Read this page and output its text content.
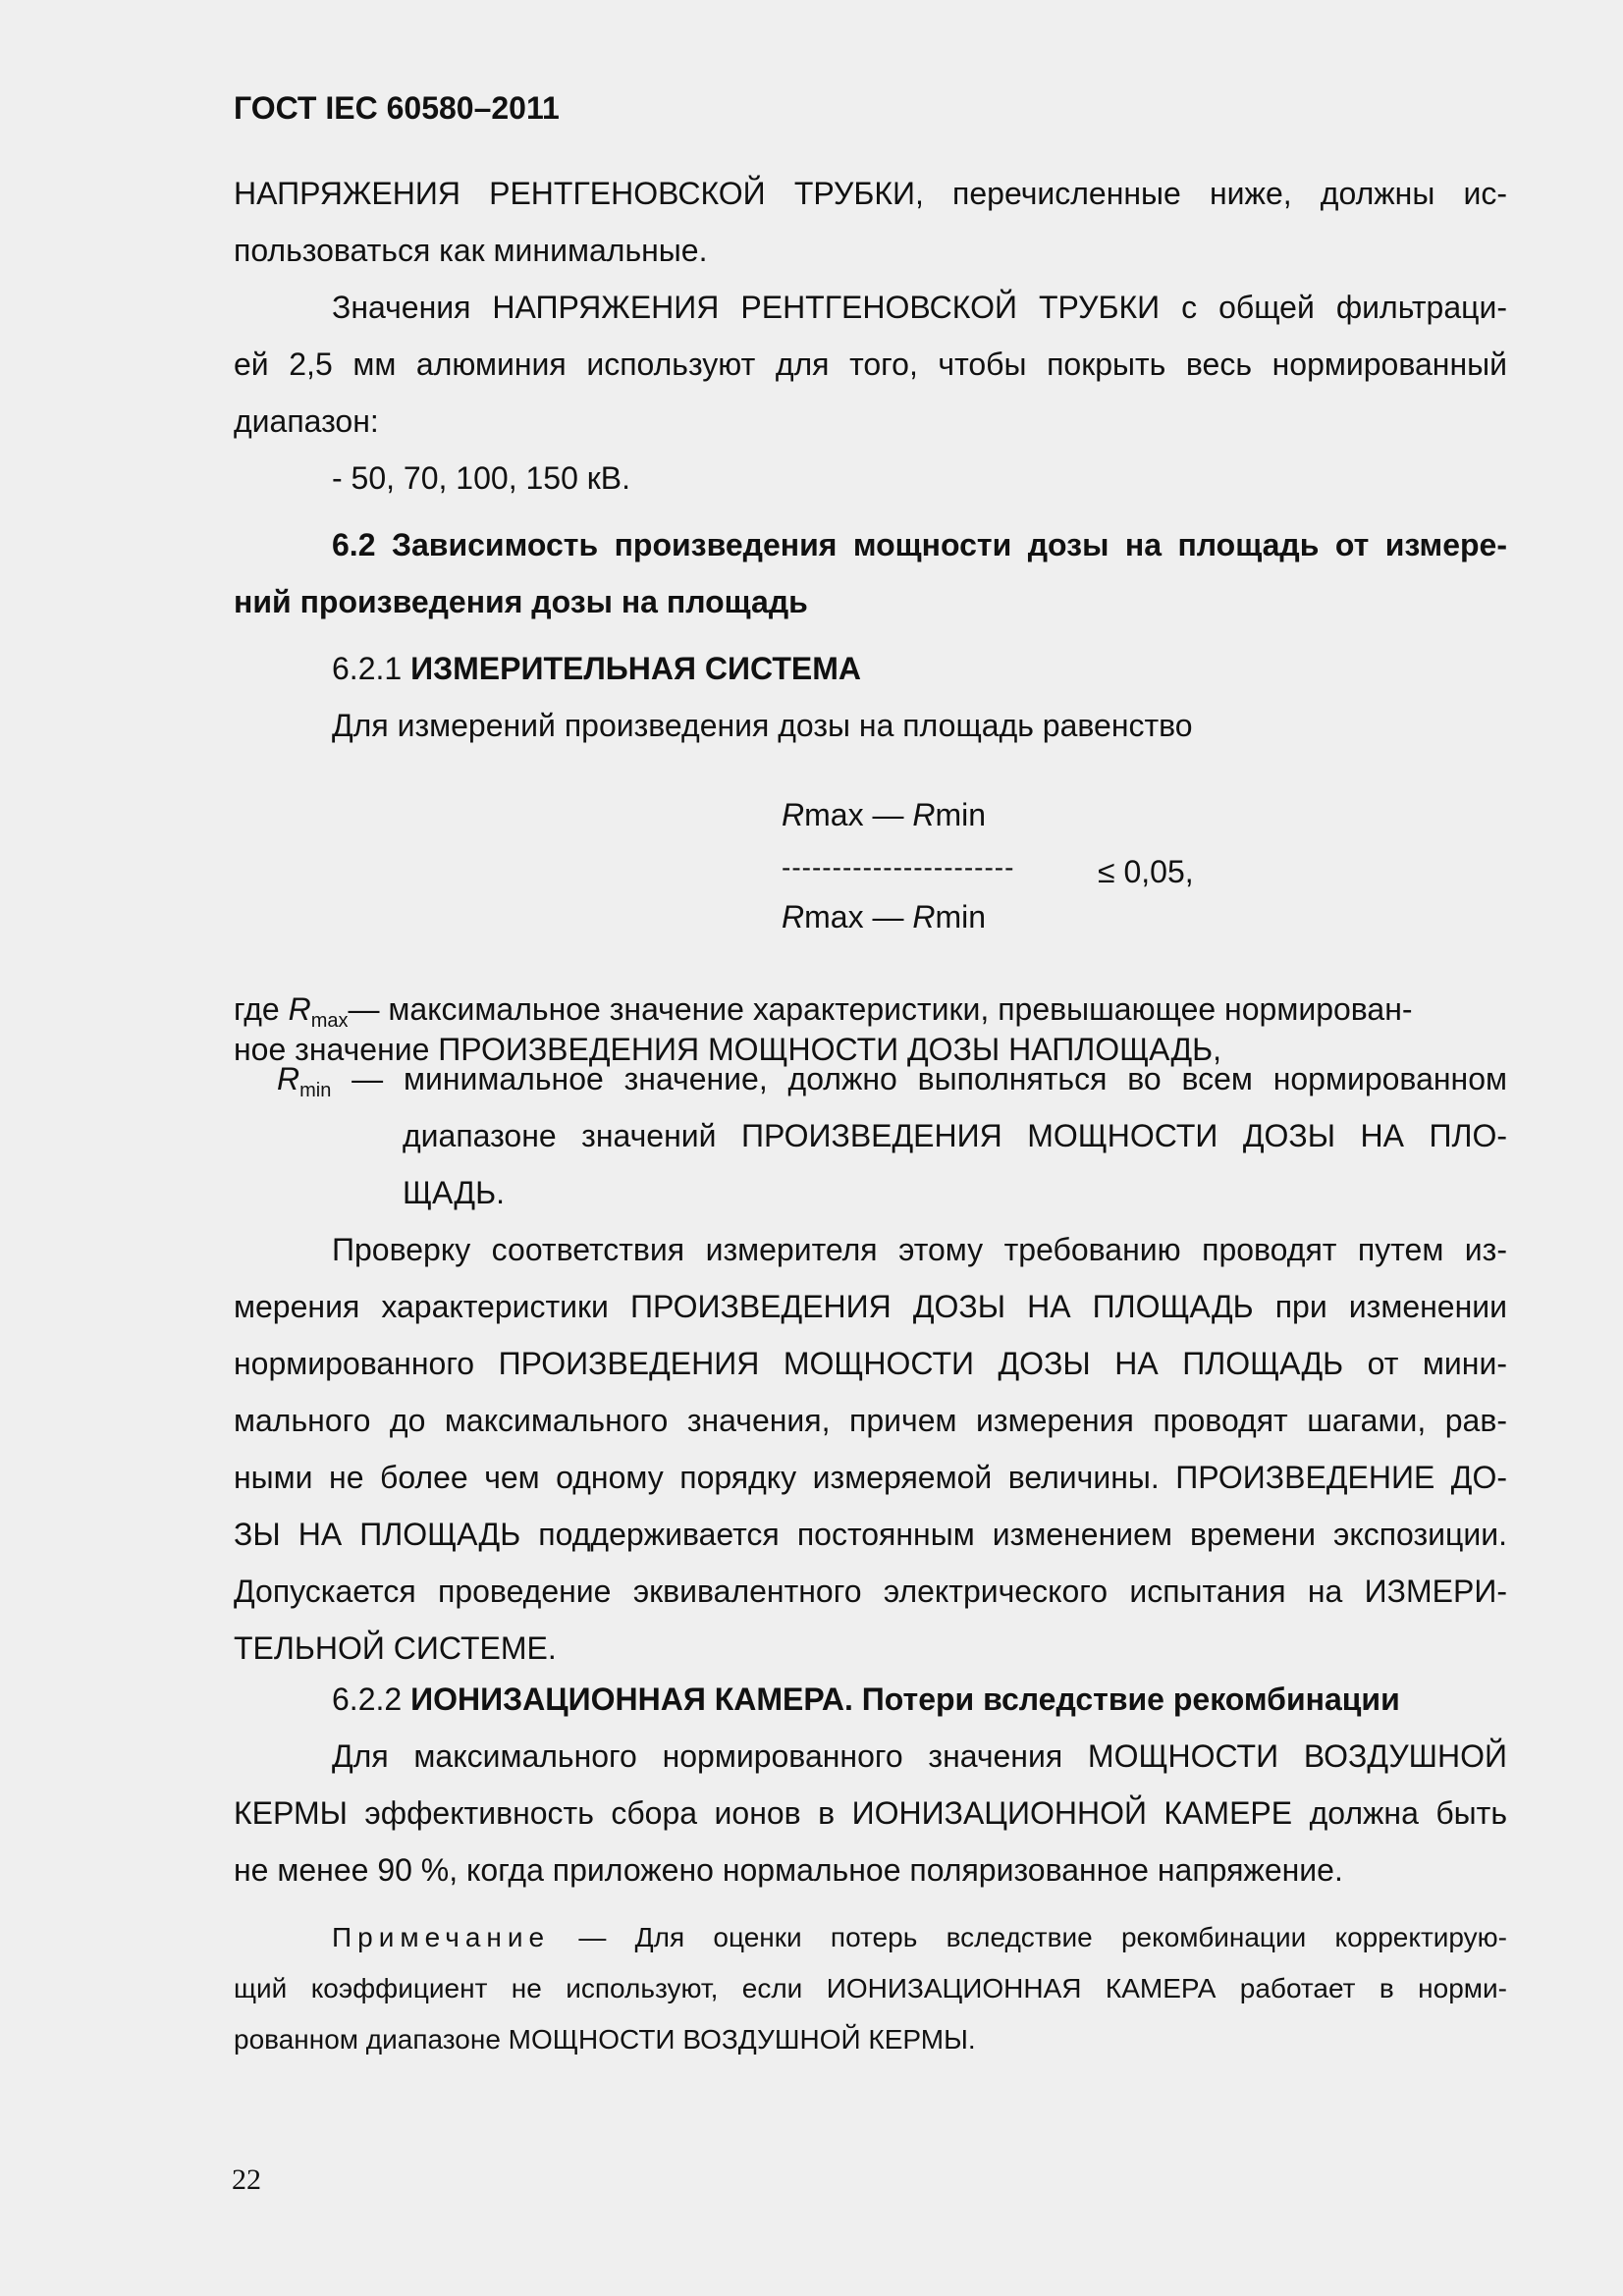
ГОСТ IEC 60580–2011
НАПРЯЖЕНИЯ РЕНТГЕНОВСКОЙ ТРУБКИ, перечисленные ниже, должны ис-
пользоваться как минимальные.
Значения НАПРЯЖЕНИЯ РЕНТГЕНОВСКОЙ ТРУБКИ с общей фильтраци-
ей 2,5 мм алюминия используют для того, чтобы покрыть весь нормированный
диапазон:
- 50, 70, 100, 150 кВ.
6.2 Зависимость произведения мощности дозы на площадь от измере-
ний произведения дозы на площадь
6.2.1 ИЗМЕРИТЕЛЬНАЯ СИСТЕМА
Для измерений произведения дозы на площадь равенство
Rmax — Rmin
-----------------------	≤ 0,05,
Rmax — Rmin
где $R_{max}—$ максимальное значение характеристики, превышающее нормирован-
ное значение ПРОИЗВЕДЕНИЯ МОЩНОСТИ ДОЗЫ НАПЛОЩАДЬ,
$R_{min}$ — минимальное значение, должно выполняться во всем нормированном
диапазоне значений ПРОИЗВЕДЕНИЯ МОЩНОСТИ ДОЗЫ НА ПЛО-
ЩАДЬ.
Проверку соответствия измерителя этому требованию проводят путем из-
мерения характеристики ПРОИЗВЕДЕНИЯ ДОЗЫ НА ПЛОЩАДЬ при изменении
нормированного ПРОИЗВЕДЕНИЯ МОЩНОСТИ ДОЗЫ НА ПЛОЩАДЬ от мини-
мального до максимального значения, причем измерения проводят шагами, рав-
ными не более чем одному порядку измеряемой величины. ПРОИЗВЕДЕНИЕ ДО-
ЗЫ НА ПЛОЩАДЬ поддерживается постоянным изменением времени экспозиции.
Допускается проведение эквивалентного электрического испытания на ИЗМЕРИ-
ТЕЛЬНОЙ СИСТЕМЕ.
6.2.2 ИОНИЗАЦИОННАЯ КАМЕРА. Потери вследствие рекомбинации
Для максимального нормированного значения МОЩНОСТИ ВОЗДУШНОЙ
КЕРМЫ эффективность сбора ионов в ИОНИЗАЦИОННОЙ КАМЕРЕ должна быть
не менее 90 %, когда приложено нормальное поляризованное напряжение.
Примечание — Для оценки потерь вследствие рекомбинации корректирую-
щий коэффициент не используют, если ИОНИЗАЦИОННАЯ КАМЕРА работает в норми-
рованном диапазоне МОЩНОСТИ ВОЗДУШНОЙ КЕРМЫ.
22
